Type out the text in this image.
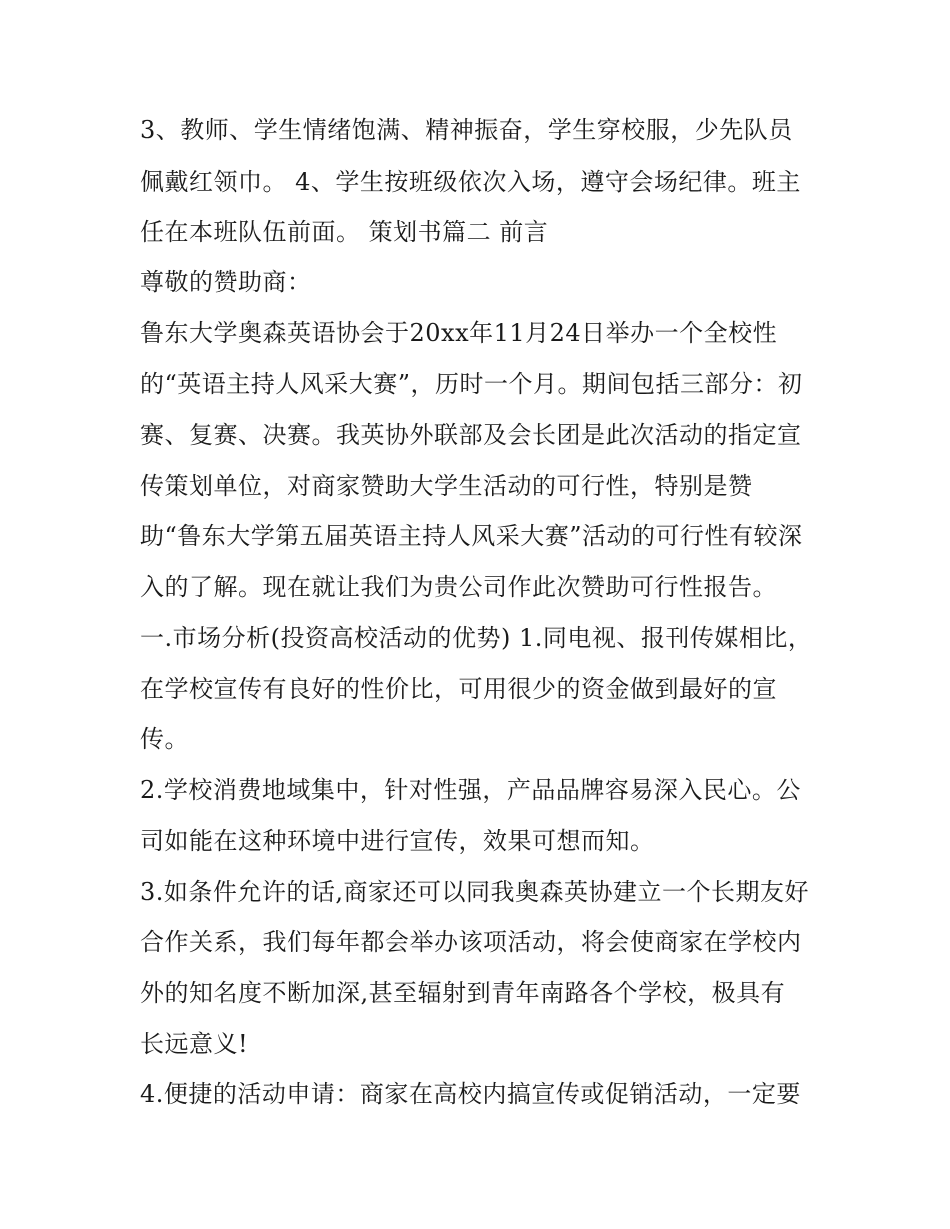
3、教师、学生情绪饱满、精神振奋，学生穿校服，少先队员
佩戴红领巾。 4、学生按班级依次入场，遵守会场纪律。班主
任在本班队伍前面。 策划书篇二 前言
尊敬的赞助商：
鲁东大学奥森英语协会于20xx年11月24日举办一个全校性
的“英语主持人风采大赛”，历时一个月。期间包括三部分：初
赛、复赛、决赛。我英协外联部及会长团是此次活动的指定宣
传策划单位，对商家赞助大学生活动的可行性，特别是赞
助“鲁东大学第五届英语主持人风采大赛”活动的可行性有较深
入的了解。现在就让我们为贵公司作此次赞助可行性报告。
一.市场分析(投资高校活动的优势) 1.同电视、报刊传媒相比，
在学校宣传有良好的性价比，可用很少的资金做到最好的宣
传。
2.学校消费地域集中，针对性强，产品品牌容易深入民心。公
司如能在这种环境中进行宣传，效果可想而知。
3.如条件允许的话,商家还可以同我奥森英协建立一个长期友好
合作关系，我们每年都会举办该项活动，将会使商家在学校内
外的知名度不断加深,甚至辐射到青年南路各个学校，极具有
长远意义!
4.便捷的活动申请：商家在高校内搞宣传或促销活动，一定要
